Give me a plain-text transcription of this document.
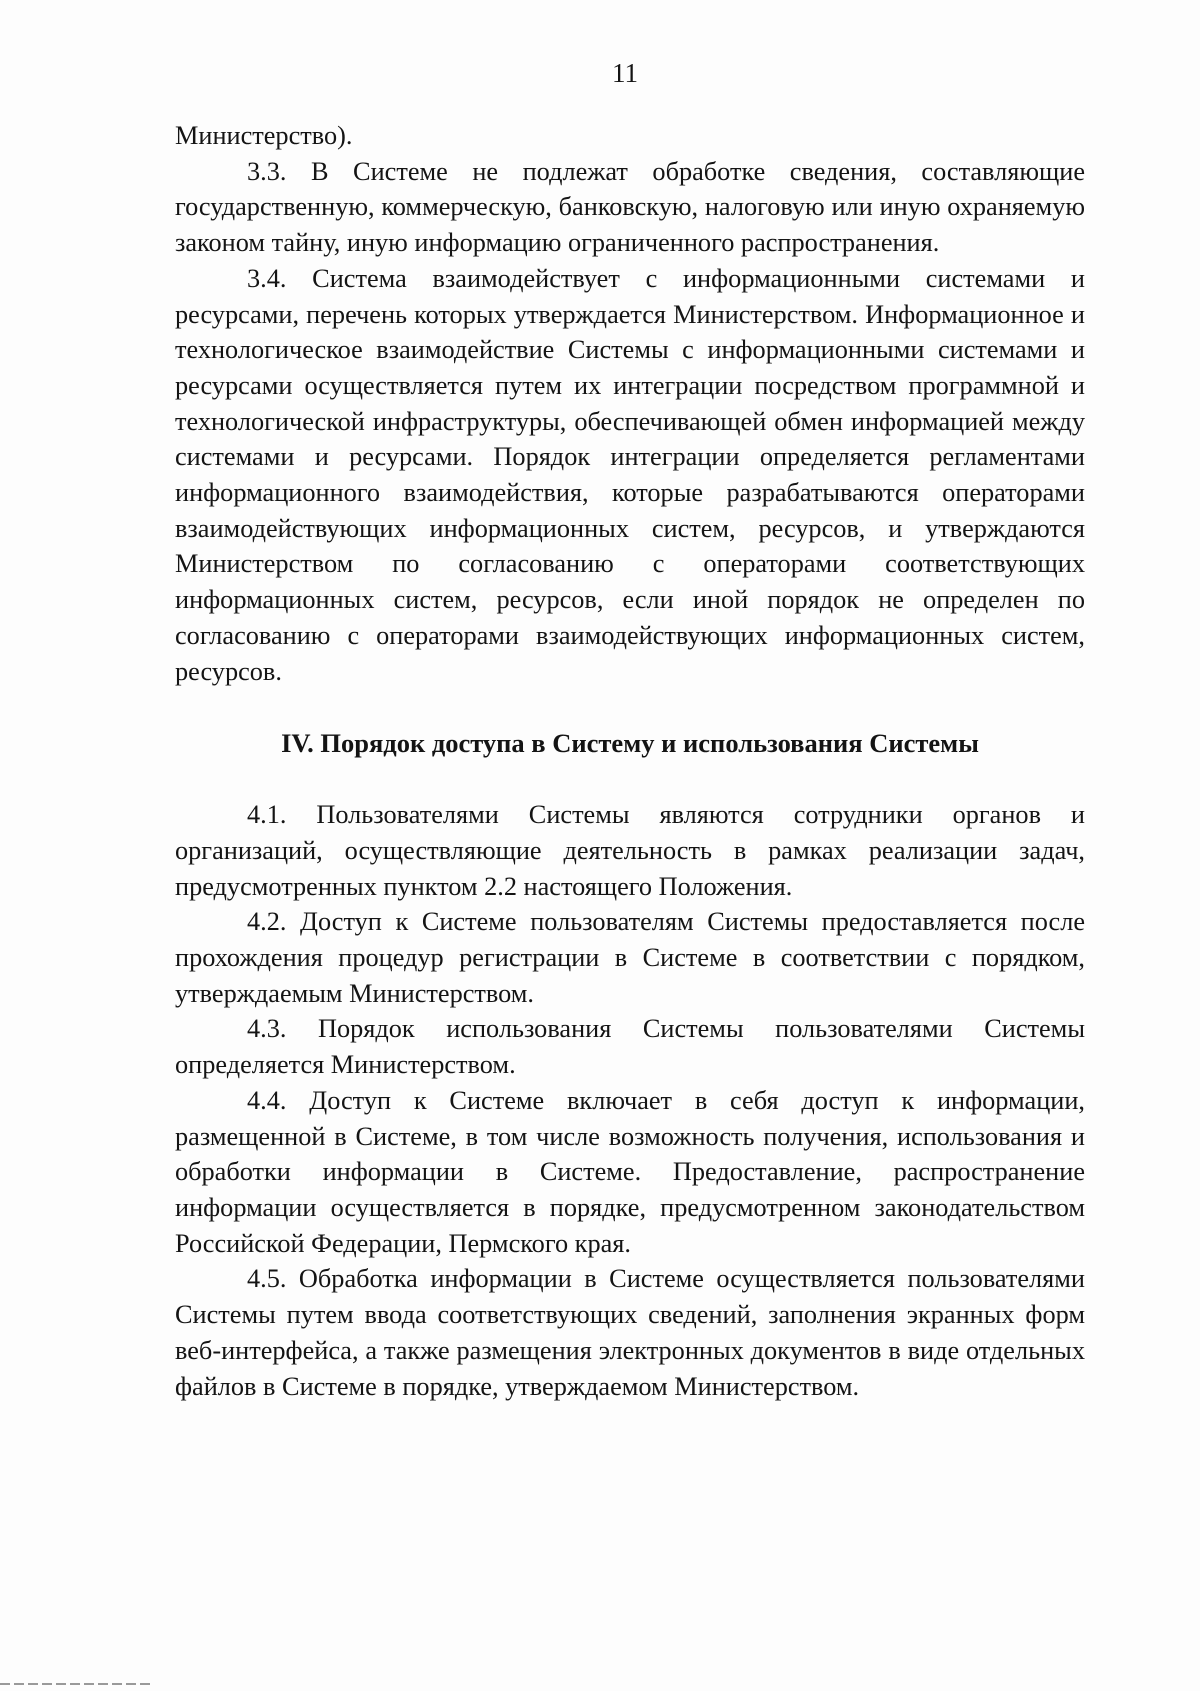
11

Министерство).

3.3. В Системе не подлежат обработке сведения, составляющие государственную, коммерческую, банковскую, налоговую или иную охраняемую законом тайну, иную информацию ограниченного распространения.

3.4. Система взаимодействует с информационными системами и ресурсами, перечень которых утверждается Министерством. Информационное и технологическое взаимодействие Системы с информационными системами и ресурсами осуществляется путем их интеграции посредством программной и технологической инфраструктуры, обеспечивающей обмен информацией между системами и ресурсами. Порядок интеграции определяется регламентами информационного взаимодействия, которые разрабатываются операторами взаимодействующих информационных систем, ресурсов, и утверждаются Министерством по согласованию с операторами соответствующих информационных систем, ресурсов, если иной порядок не определен по согласованию с операторами взаимодействующих информационных систем, ресурсов.

IV. Порядок доступа в Систему и использования Системы

4.1. Пользователями Системы являются сотрудники органов и организаций, осуществляющие деятельность в рамках реализации задач, предусмотренных пунктом 2.2 настоящего Положения.

4.2. Доступ к Системе пользователям Системы предоставляется после прохождения процедур регистрации в Системе в соответствии с порядком, утверждаемым Министерством.

4.3. Порядок использования Системы пользователями Системы определяется Министерством.

4.4. Доступ к Системе включает в себя доступ к информации, размещенной в Системе, в том числе возможность получения, использования и обработки информации в Системе. Предоставление, распространение информации осуществляется в порядке, предусмотренном законодательством Российской Федерации, Пермского края.

4.5. Обработка информации в Системе осуществляется пользователями Системы путем ввода соответствующих сведений, заполнения экранных форм веб-интерфейса, а также размещения электронных документов в виде отдельных файлов в Системе в порядке, утверждаемом Министерством.
